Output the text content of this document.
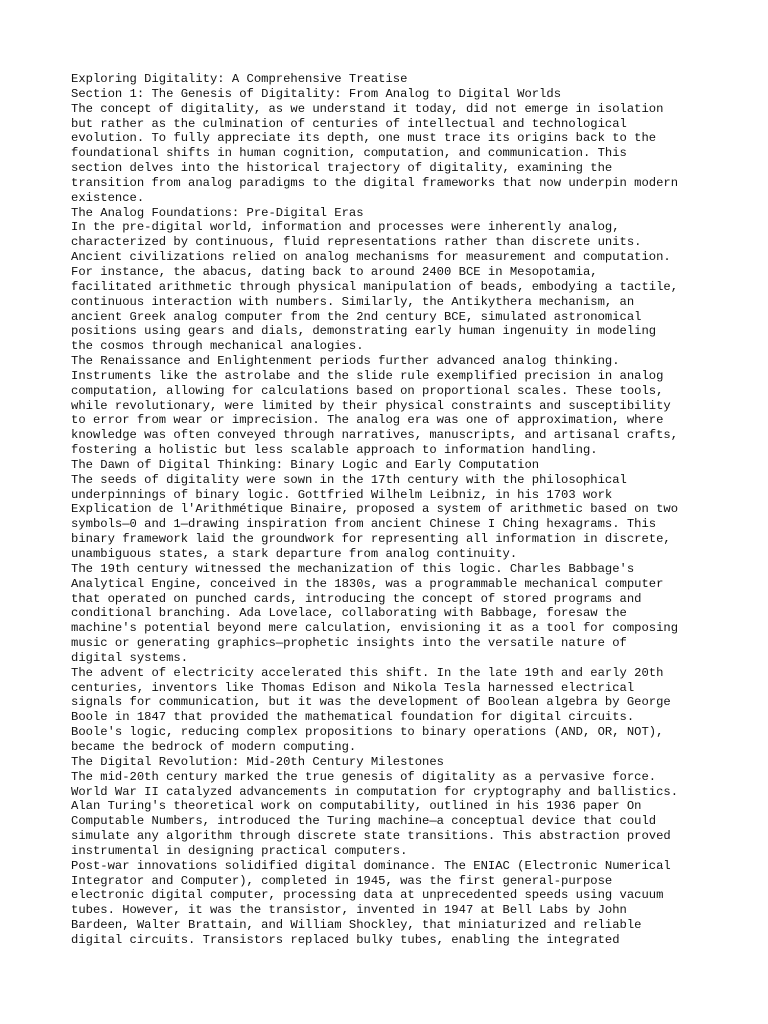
Exploring Digitality: A Comprehensive Treatise
Section 1: The Genesis of Digitality: From Analog to Digital Worlds
The concept of digitality, as we understand it today, did not emerge in isolation
but rather as the culmination of centuries of intellectual and technological
evolution. To fully appreciate its depth, one must trace its origins back to the
foundational shifts in human cognition, computation, and communication. This
section delves into the historical trajectory of digitality, examining the
transition from analog paradigms to the digital frameworks that now underpin modern
existence.
The Analog Foundations: Pre-Digital Eras
In the pre-digital world, information and processes were inherently analog,
characterized by continuous, fluid representations rather than discrete units.
Ancient civilizations relied on analog mechanisms for measurement and computation.
For instance, the abacus, dating back to around 2400 BCE in Mesopotamia,
facilitated arithmetic through physical manipulation of beads, embodying a tactile,
continuous interaction with numbers. Similarly, the Antikythera mechanism, an
ancient Greek analog computer from the 2nd century BCE, simulated astronomical
positions using gears and dials, demonstrating early human ingenuity in modeling
the cosmos through mechanical analogies.
The Renaissance and Enlightenment periods further advanced analog thinking.
Instruments like the astrolabe and the slide rule exemplified precision in analog
computation, allowing for calculations based on proportional scales. These tools,
while revolutionary, were limited by their physical constraints and susceptibility
to error from wear or imprecision. The analog era was one of approximation, where
knowledge was often conveyed through narratives, manuscripts, and artisanal crafts,
fostering a holistic but less scalable approach to information handling.
The Dawn of Digital Thinking: Binary Logic and Early Computation
The seeds of digitality were sown in the 17th century with the philosophical
underpinnings of binary logic. Gottfried Wilhelm Leibniz, in his 1703 work
Explication de l'Arithmétique Binaire, proposed a system of arithmetic based on two
symbols—0 and 1—drawing inspiration from ancient Chinese I Ching hexagrams. This
binary framework laid the groundwork for representing all information in discrete,
unambiguous states, a stark departure from analog continuity.
The 19th century witnessed the mechanization of this logic. Charles Babbage's
Analytical Engine, conceived in the 1830s, was a programmable mechanical computer
that operated on punched cards, introducing the concept of stored programs and
conditional branching. Ada Lovelace, collaborating with Babbage, foresaw the
machine's potential beyond mere calculation, envisioning it as a tool for composing
music or generating graphics—prophetic insights into the versatile nature of
digital systems.
The advent of electricity accelerated this shift. In the late 19th and early 20th
centuries, inventors like Thomas Edison and Nikola Tesla harnessed electrical
signals for communication, but it was the development of Boolean algebra by George
Boole in 1847 that provided the mathematical foundation for digital circuits.
Boole's logic, reducing complex propositions to binary operations (AND, OR, NOT),
became the bedrock of modern computing.
The Digital Revolution: Mid-20th Century Milestones
The mid-20th century marked the true genesis of digitality as a pervasive force.
World War II catalyzed advancements in computation for cryptography and ballistics.
Alan Turing's theoretical work on computability, outlined in his 1936 paper On
Computable Numbers, introduced the Turing machine—a conceptual device that could
simulate any algorithm through discrete state transitions. This abstraction proved
instrumental in designing practical computers.
Post-war innovations solidified digital dominance. The ENIAC (Electronic Numerical
Integrator and Computer), completed in 1945, was the first general-purpose
electronic digital computer, processing data at unprecedented speeds using vacuum
tubes. However, it was the transistor, invented in 1947 at Bell Labs by John
Bardeen, Walter Brattain, and William Shockley, that miniaturized and reliable
digital circuits. Transistors replaced bulky tubes, enabling the integrated
